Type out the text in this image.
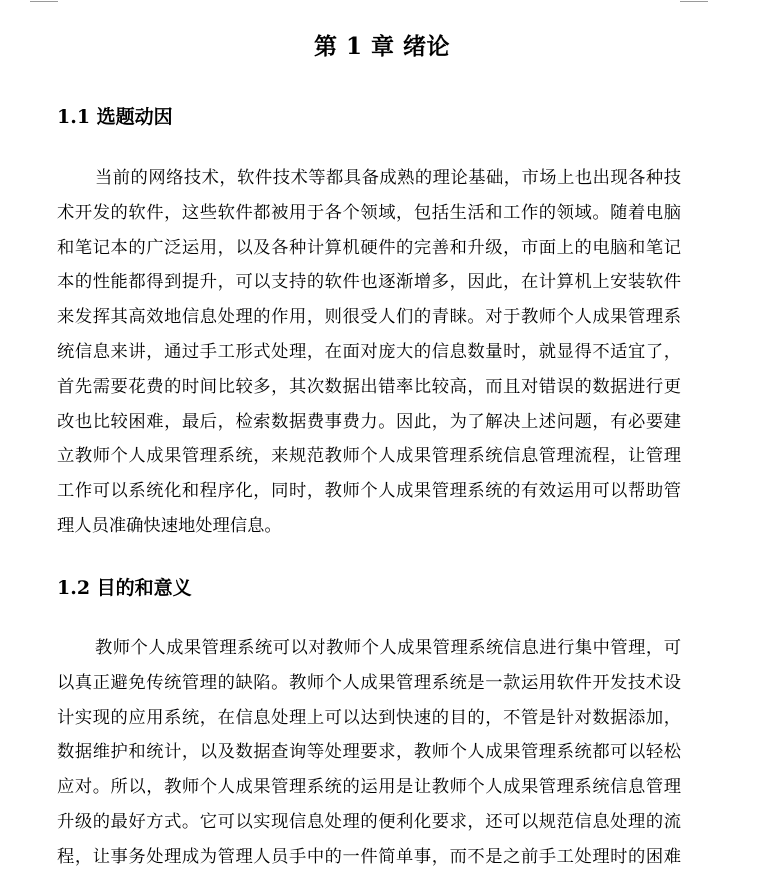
第 1 章 绪论
1.1 选题动因
当前的网络技术，软件技术等都具备成熟的理论基础，市场上也出现各种技
术开发的软件，这些软件都被用于各个领域，包括生活和工作的领域。随着电脑
和笔记本的广泛运用，以及各种计算机硬件的完善和升级，市面上的电脑和笔记
本的性能都得到提升，可以支持的软件也逐渐增多，因此，在计算机上安装软件
来发挥其高效地信息处理的作用，则很受人们的青睐。对于教师个人成果管理系
统信息来讲，通过手工形式处理，在面对庞大的信息数量时，就显得不适宜了，
首先需要花费的时间比较多，其次数据出错率比较高，而且对错误的数据进行更
改也比较困难，最后，检索数据费事费力。因此，为了解决上述问题，有必要建
立教师个人成果管理系统，来规范教师个人成果管理系统信息管理流程，让管理
工作可以系统化和程序化，同时，教师个人成果管理系统的有效运用可以帮助管
理人员准确快速地处理信息。
1.2 目的和意义
教师个人成果管理系统可以对教师个人成果管理系统信息进行集中管理，可
以真正避免传统管理的缺陷。教师个人成果管理系统是一款运用软件开发技术设
计实现的应用系统，在信息处理上可以达到快速的目的，不管是针对数据添加，
数据维护和统计，以及数据查询等处理要求，教师个人成果管理系统都可以轻松
应对。所以，教师个人成果管理系统的运用是让教师个人成果管理系统信息管理
升级的最好方式。它可以实现信息处理的便利化要求，还可以规范信息处理的流
程，让事务处理成为管理人员手中的一件简单事，而不是之前手工处理时的困难
